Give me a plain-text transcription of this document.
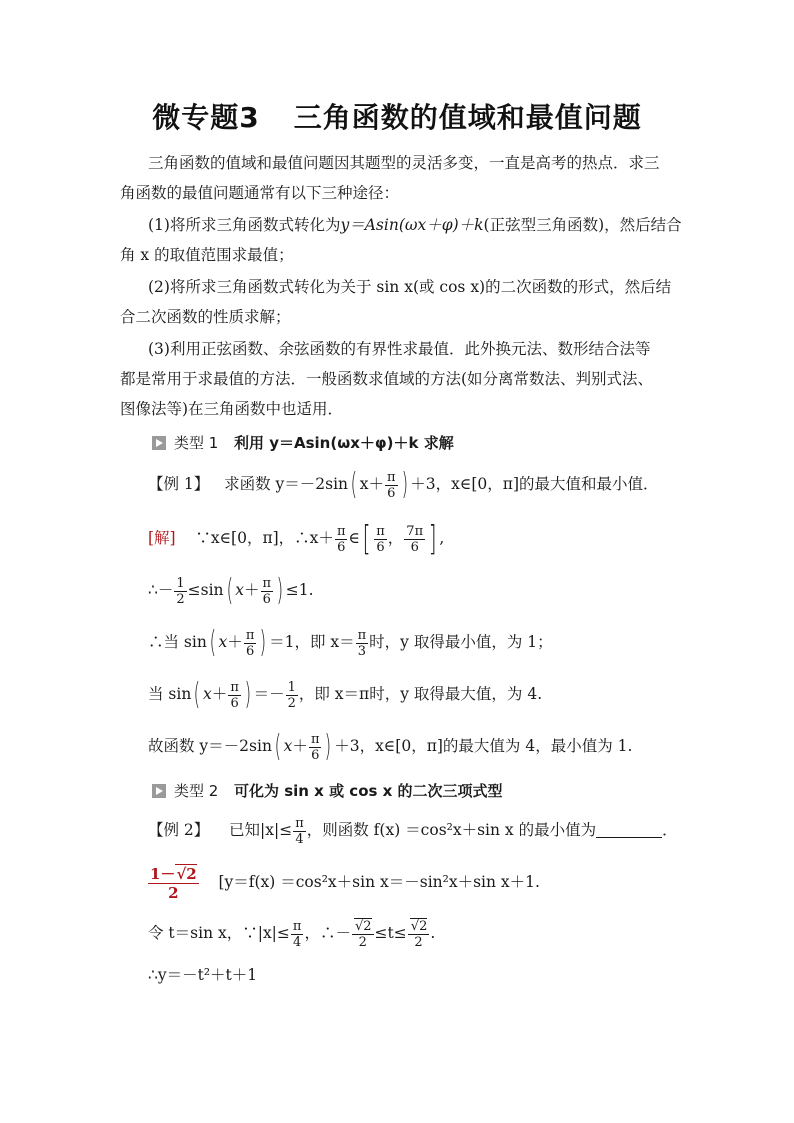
微专题3 三角函数的值域和最值问题
三角函数的值域和最值问题因其题型的灵活多变，一直是高考的热点．求三
角函数的最值问题通常有以下三种途径：
(1)将所求三角函数式转化为y＝Asin(ωx＋φ)＋k(正弦型三角函数)，然后结合
角 x 的取值范围求最值；
(2)将所求三角函数式转化为关于 sin x(或 cos x)的二次函数的形式，然后结
合二次函数的性质求解；
(3)利用正弦函数、余弦函数的有界性求最值．此外换元法、数形结合法等
都是常用于求最值的方法．一般函数求值域的方法(如分离常数法、判别式法、
图像法等)在三角函数中也适用．
类型 1 利用 y＝Asin(ωx＋φ)＋k 求解
【例 1】 求函数 y＝－2sin( $x+ \frac{\pi}{6}$ ) ＋3，x∈[0，π]的最大值和最小值．
[解] ∵x∈[0，π]，∴x＋ $\frac{\pi}{6}$ ∈[ $\frac{\pi}{6}$ ， $\frac{7\pi}{6}$ ] ,
∴－ $\frac{1}{2} \le\sin$( $x+ \frac{\pi}{6}$ ) ≤1.
∴当 sin( $x+ \frac{\pi}{6}$ ) ＝1，即 $x= \frac{\pi}{3}$ 时，y 取得最小值，为 1；
当 sin( $x+ \frac{\pi}{6}$ ) ＝－ $\frac{1}{2}$ ，即 x＝π时，y 取得最大值，为 4.
故函数 y＝－2sin( $x+ \frac{\pi}{6}$ ) ＋3，x∈[0，π]的最大值为 4，最小值为 1.
类型 2 可化为 sin x 或 cos x 的二次三项式型
【例 2】 已知$|x|\le \frac{\pi}{4}$ ，则函数 f(x) ＝cos²x＋sin x 的最小值为	．
$\frac{1-√2}{2} [y=f(x) =\cos^2x+\sin$ x＝－sin²x＋sin x＋1.
令 t＝sin x，∵|x|≤ $\frac{\pi}{4}$ ，∴－ $\frac{√2}{2} \le t\le \frac{√2}{2}$ .
∴y＝－t²＋t＋1
